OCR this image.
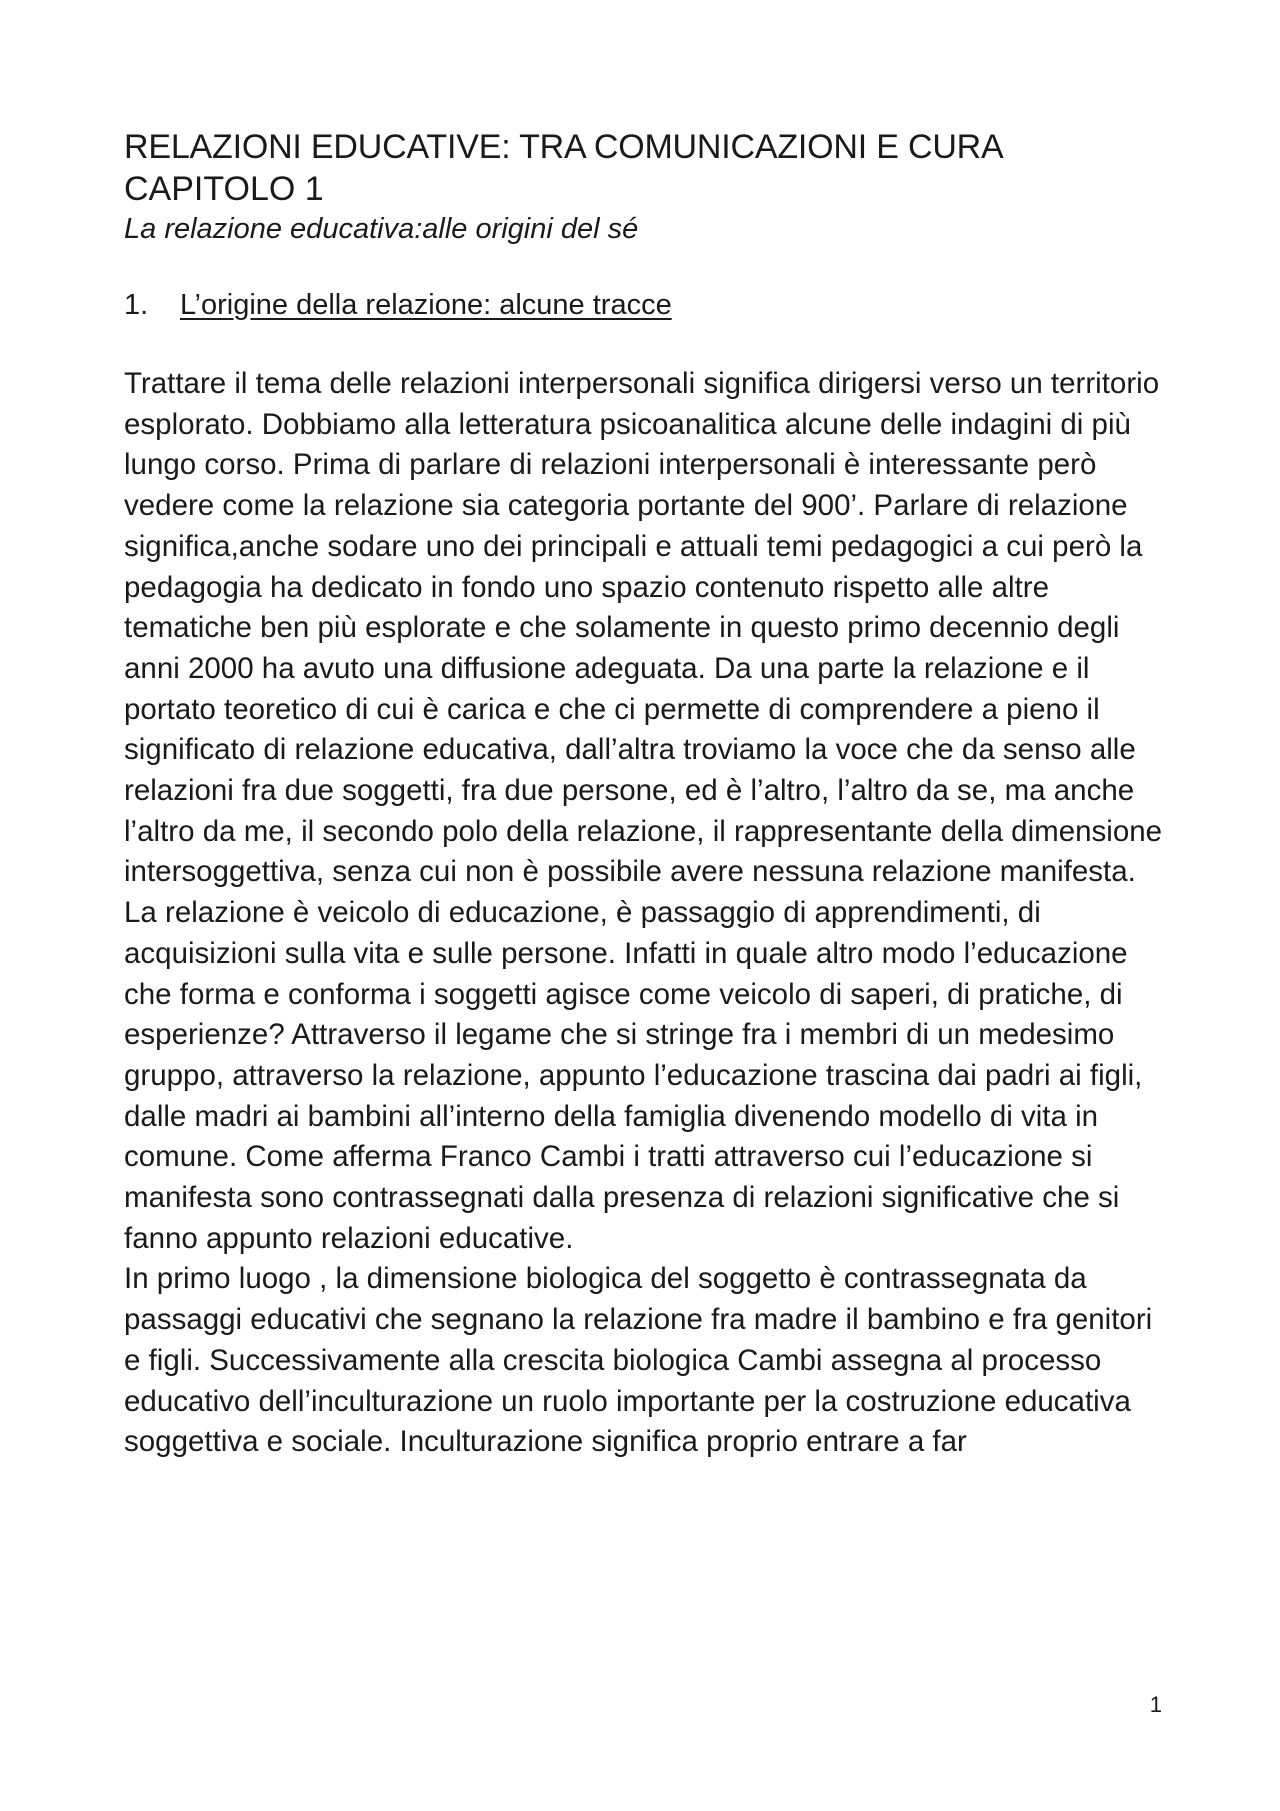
RELAZIONI EDUCATIVE: TRA COMUNICAZIONI E CURA
CAPITOLO 1
La relazione educativa:alle origini del sé
1. L’origine della relazione: alcune tracce

Trattare il tema delle relazioni interpersonali significa dirigersi verso un territorio esplorato. Dobbiamo alla letteratura psicoanalitica alcune delle indagini di più lungo corso. Prima di parlare di relazioni interpersonali è interessante però vedere come la relazione sia categoria portante del 900’. Parlare di relazione significa,anche sodare uno dei principali e attuali temi pedagogici a cui però la pedagogia ha dedicato in fondo uno spazio contenuto rispetto alle altre tematiche ben più esplorate e che solamente in questo primo decennio degli anni 2000 ha avuto una diffusione adeguata. Da una parte la relazione e il portato teoretico di cui è carica e che ci permette di comprendere a pieno il significato di relazione educativa, dall’altra troviamo la voce che da senso alle relazioni fra due soggetti, fra due persone, ed è l’altro, l’altro da se, ma anche l’altro da me, il secondo polo della relazione, il rappresentante della dimensione intersoggettiva, senza cui non è possibile avere nessuna relazione manifesta.

La relazione è veicolo di educazione, è passaggio di apprendimenti, di acquisizioni sulla vita e sulle persone. Infatti in quale altro modo l’educazione che forma e conforma i soggetti agisce come veicolo di saperi, di pratiche, di esperienze? Attraverso il legame che si stringe fra i membri di un medesimo gruppo, attraverso la relazione, appunto l’educazione trascina dai padri ai figli, dalle madri ai bambini all’interno della famiglia divenendo modello di vita in comune. Come afferma Franco Cambi i tratti attraverso cui l’educazione si manifesta sono contrassegnati dalla presenza di relazioni significative che si fanno appunto relazioni educative.

In primo luogo , la dimensione biologica del soggetto è contrassegnata da passaggi educativi che segnano la relazione fra madre il bambino e fra genitori e figli. Successivamente alla crescita biologica Cambi assegna al processo educativo dell’inculturazione un ruolo importante per la costruzione educativa soggettiva e sociale. Inculturazione significa proprio entrare a far

1
